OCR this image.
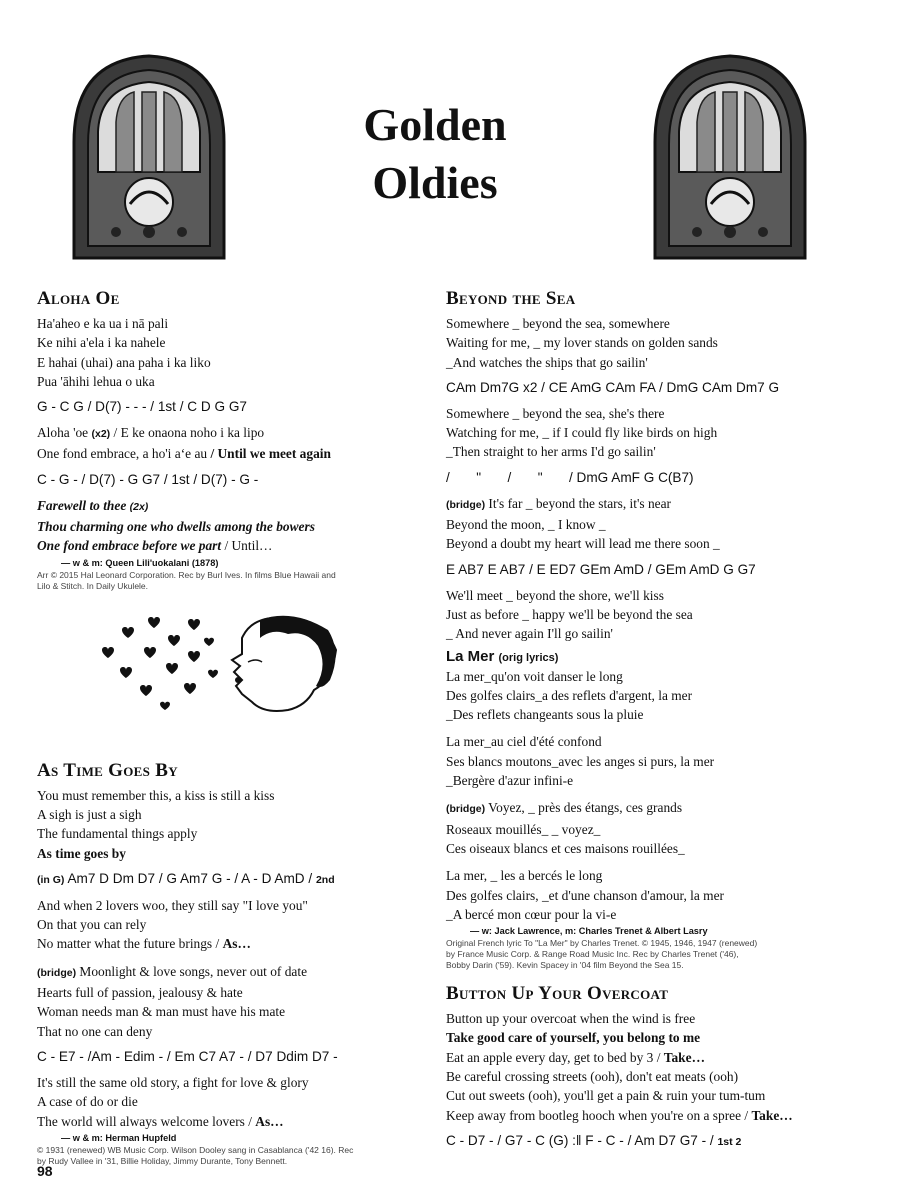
Golden
Oldies
Aloha Oe
Ha'aheo e ka ua i nā pali
Ke nihi a'ela i ka nahele
E hahai (uhai) ana paha i ka liko
Pua 'āhihi lehua o uka
G - C G / D(7) - - - / 1st / C D G G7
Aloha 'oe (x2) / E ke onaona noho i ka lipo
One fond embrace, a ho'i aʻe au / Until we meet again
C - G - / D(7) - G G7 / 1st / D(7) - G -
Farewell to thee (2x)
Thou charming one who dwells among the bowers
One fond embrace before we part / Until…
— w & m: Queen Lili'uokalani (1878)
Arr © 2015 Hal Leonard Corporation. Rec by Burl Ives. In films Blue Hawaii and
Lilo & Stitch. In Daily Ukulele.
As Time Goes By
You must remember this, a kiss is still a kiss
A sigh is just a sigh
The fundamental things apply
As time goes by
(in G) Am7 D Dm D7 / G Am7 G - / A - D AmD / 2nd
And when 2 lovers woo, they still say "I love you"
On that you can rely
No matter what the future brings / As…
(bridge) Moonlight & love songs, never out of date
Hearts full of passion, jealousy & hate
Woman needs man & man must have his mate
That no one can deny
C - E7 - /Am - Edim - / Em C7 A7 - / D7 Ddim D7 -
It's still the same old story, a fight for love & glory
A case of do or die
The world will always welcome lovers / As…
— w & m: Herman Hupfeld
© 1931 (renewed) WB Music Corp. Wilson Dooley sang in Casablanca ('42 16). Rec
by Rudy Vallee in '31, Billie Holiday, Jimmy Durante, Tony Bennett.
Beyond the Sea
Somewhere _ beyond the sea, somewhere
Waiting for me, _ my lover stands on golden sands
_And watches the ships that go sailin'
CAm Dm7G x2 / CE AmG CAm FA / DmG CAm Dm7 G
Somewhere _ beyond the sea, she's there
Watching for me, _ if I could fly like birds on high
_Then straight to her arms I'd go sailin'
/       "       /       "       / DmG AmF G C(B7)
(bridge) It's far _ beyond the stars, it's near
Beyond the moon, _ I know _
Beyond a doubt my heart will lead me there soon _
E AB7 E AB7 / E ED7 GEm AmD / GEm AmD G G7
We'll meet _ beyond the shore, we'll kiss
Just as before _ happy we'll be beyond the sea
_ And never again I'll go sailin'
La Mer (orig lyrics)
La mer_qu'on voit danser le long
Des golfes clairs_a des reflets d'argent, la mer
_Des reflets changeants sous la pluie
La mer_au ciel d'été confond
Ses blancs moutons_avec les anges si purs, la mer
_Bergère d'azur infini-e
(bridge) Voyez, _ près des étangs, ces grands
Roseaux mouillés_ _ voyez_
Ces oiseaux blancs et ces maisons rouillées_
La mer, _ les a bercés le long
Des golfes clairs, _et d'une chanson d'amour, la mer
_A bercé mon cœur pour la vi-e
— w: Jack Lawrence, m: Charles Trenet & Albert Lasry
Original French lyric To "La Mer" by Charles Trenet. © 1945, 1946, 1947 (renewed)
by France Music Corp. & Range Road Music Inc. Rec by Charles Trenet ('46),
Bobby Darin ('59). Kevin Spacey in '04 film Beyond the Sea 15.
Button Up Your Overcoat
Button up your overcoat when the wind is free
Take good care of yourself, you belong to me
Eat an apple every day, get to bed by 3 / Take…
Be careful crossing streets (ooh), don't eat meats (ooh)
Cut out sweets (ooh), you'll get a pain & ruin your tum-tum
Keep away from bootleg hooch when you're on a spree / Take…
C - D7 - / G7 - C (G) :‖ F - C - / Am D7 G7 - / 1st 2
98
